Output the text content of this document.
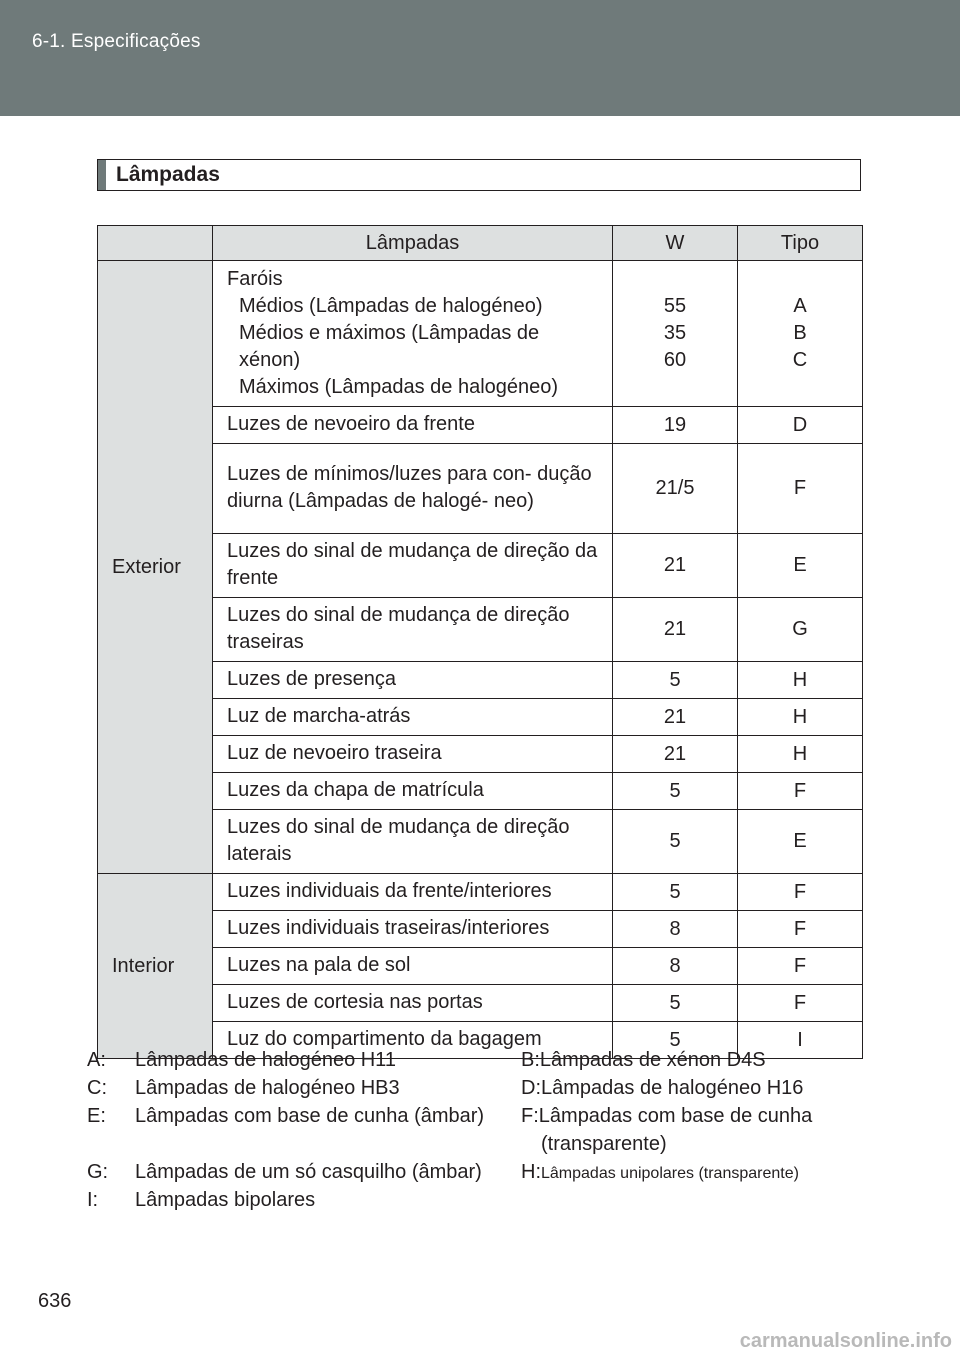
6-1. Especificações
Lâmpadas
	Lâmpadas	W	Tipo
Exterior	Faróis
Médios (Lâmpadas de halogéneo)
Médios e máximos (Lâmpadas de
xénon)
Máximos (Lâmpadas de halogéneo)	55
35
60	A
B
C

	Luzes de nevoeiro da frente	19	D
	Luzes de mínimos/luzes para con- dução diurna (Lâmpadas de halogé- neo)	21/5	F
	Luzes do sinal de mudança de direção da frente	21	E
	Luzes do sinal de mudança de direção traseiras	21	G
	Luzes de presença	5	H
	Luz de marcha-atrás	21	H
	Luz de nevoeiro traseira	21	H
	Luzes da chapa de matrícula	5	F
	Luzes do sinal de mudança de direção laterais	5	E
Interior	Luzes individuais da frente/interiores	5	F
	Luzes individuais traseiras/interiores	8	F
	Luzes na pala de sol	8	F
	Luzes de cortesia nas portas	5	F
	Luz do compartimento da bagagem	5	I
A: Lâmpadas de halogéneo H11	B:Lâmpadas de xénon D4S
C: Lâmpadas de halogéneo HB3	D:Lâmpadas de halogéneo H16
E: Lâmpadas com base de cunha (âmbar) F:Lâmpadas com base de cunha
(transparente)
G: Lâmpadas de um só casquilho (âmbar) H:Lâmpadas unipolares (transparente)
I: Lâmpadas bipolares
636
carmanualsonline.info
